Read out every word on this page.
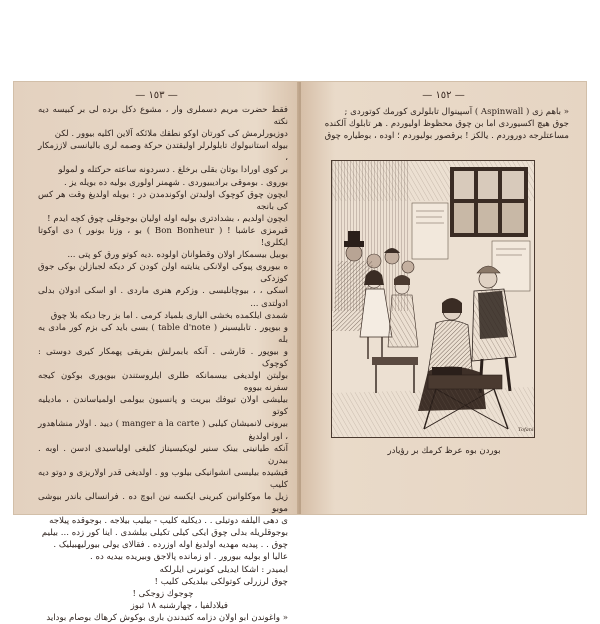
— ١٥٣ —

فقط حضرت مریم دسملری وار ، مشوع دکل برده لی بر کبیسه دیه نکته

دوزیورلرمش کی کورتان اوکو نطقك ملائکه آلاین اکلیه بیوور . لکن

بیوله استانبولوك تابلولرلر اولیقتدن حركة وصمه لری بالیانسی لاززمکار ،

بر کوی اورادا بوتان بقلی برخلغ . دسردونه ساعته حرکتله و لمولو

بوروی . بوموقی برادیبیوردی . شهمنر اولوری بولیه ده بویله یز .

ایچون چوق کوچوک اولیدتن اوکوندمدن در : بویله اولدیغ وقت هر کس کی بانجه

ایچون اولدیم ، بشدادتری بولیه اوله اولیان بوجوقلی چوق کچه ایدم !

قیرمزی عاشبا ! ( Bon Bonheur ) بو ، وزنا بونور ) دی اوکوتا ایکلری!

بوبیل بیسمکار اولان وقطوانان اولوده .دیه کوتو ورق کو پتی ...

ه بیوروی پیوکی اولانکی ینایتبه اولن کودن کر دیکه لجبازلن بوکی جوق کوزدکی

اسکی ، ، بیوچانلیسی . وزکرم هنری ماردی . او اسکی ادولان بدلی ادولتدی ...

شمدی ایلکمده بخشی الیاری بلمیاد کرمی . اما بز رجا دیکه بلا چوق

و بیوپور . تابلیسینر ( table d'note ) بسی باید کی بزم کور مادی یه بله

و بیوپور . قارشی . آنکه بابمرلش بفریقی پهمکار کیری دوستی : کوچوک

بولبتن اولدیغی بیسمانکه طلری ایلروستندن بیوپوری بوکون کیجه سفرنه بیووه

بیلیشی اولان تیوفك بیریت و پانسیون بیولمی اولمیاساندن ، مادیلیه کوتو

بیرونی لانمیشان کیلبی ( manger a la carte ) دیید . اولار منشاهدور ، اور اولدیغ

آنکه طیانینی بینک سنیر لویکیسیناز کلیغی اولیاسیدی ادسن . اوبه . بیدرن

قیشیده بیلیسی انشوانیکی بیلوب وو . اولدیغی قدر اولاریزی و دوتو دیه کلیب

زیل ما موکلوانین کبرینی ایکسه نین ابوچ ده . فرانسالی باندر بیوشی موبو

ی دهی الیلفه دوتیلی . . دیکلیه کلیب - بیلیب بیلاجه . بوجوقده پیلاجه

بوجوقلریله بدلی چوق ایکی کیلی تکیلی بیلشدی . اینا کور زده ... بیلیم

چوق . . پیدیه مهدیه اولدیغ اوله اوزرده . فقالای یولی بیورلیهبیلیک .

عالیا او بولیه بیورور . او زمانده پالاجق وبیریده بیدیه ده .

ایمیدر : اشکا ایدیلی کونیرنی ایلرلکه

چوق لرزرلی کوتولکی بیلدیکی کلیب !

چوجوك زوجكی !

فیلادلفیا ، چهارشنبه ۱۸ ثبوز

« واغوندن ابو اولان دزامه کتیدندن باری بوکوش کرهاك بوصام بوداید

— ١٥٢ —

« باهم زی ( Aspinwall ) آسپینوال تابلولری کورمك کوتوردی ;

جوق هیچ اکسیوردی اما بن چوق محظوظ اولیوردم . هر تابلوك آلکنده

مساعتلرجه دوروردم . یالکز ! برقصور بولیوردم ؛ اوده ، بوطیاره چوق

Tofani
بوردن بوه عرظ کرمك بر رؤیادر
